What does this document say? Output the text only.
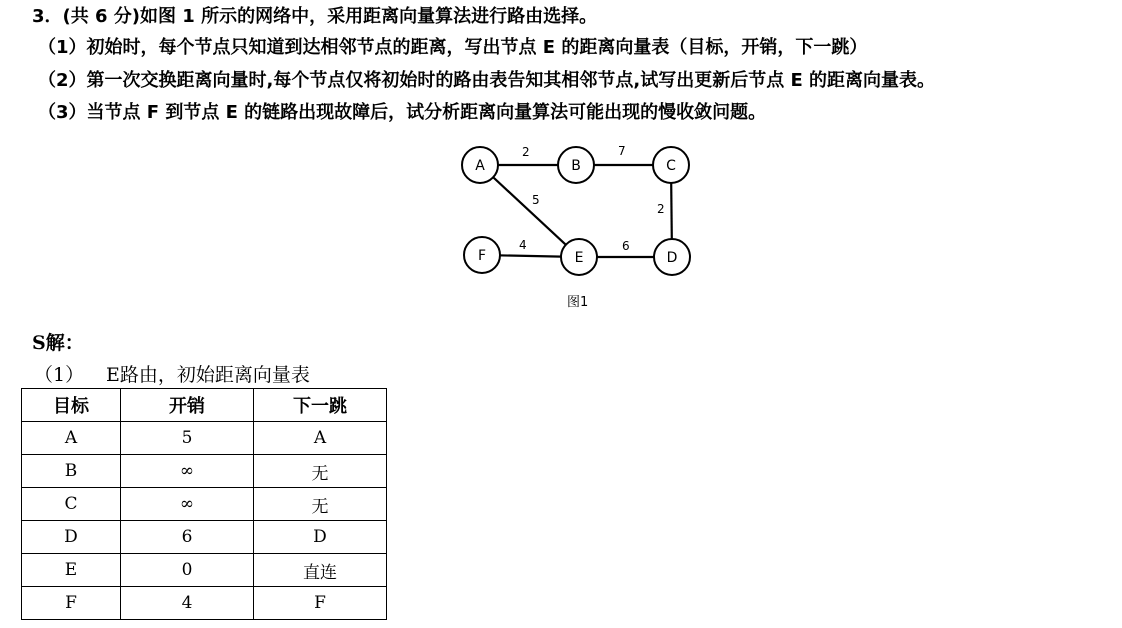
3．(共 6 分)如图 1 所示的网络中，采用距离向量算法进行路由选择。
（1）初始时，每个节点只知道到达相邻节点的距离，写出节点 E 的距离向量表（目标，开销，下一跳）
（2）第一次交换距离向量时,每个节点仅将初始时的路由表告知其相邻节点,试写出更新后节点 E 的距离向量表。
（3）当节点 F 到节点 E 的链路出现故障后，试分析距离向量算法可能出现的慢收敛问题。
2	7
2
5
4	6
A	B	C
D
E
F
图1
S解：
（1） E路由，初始距离向量表
目标	开销	下一跳
A	5	A
B	∞	无
C	∞	无
D	6	D
E	0	直连
F	4	F
